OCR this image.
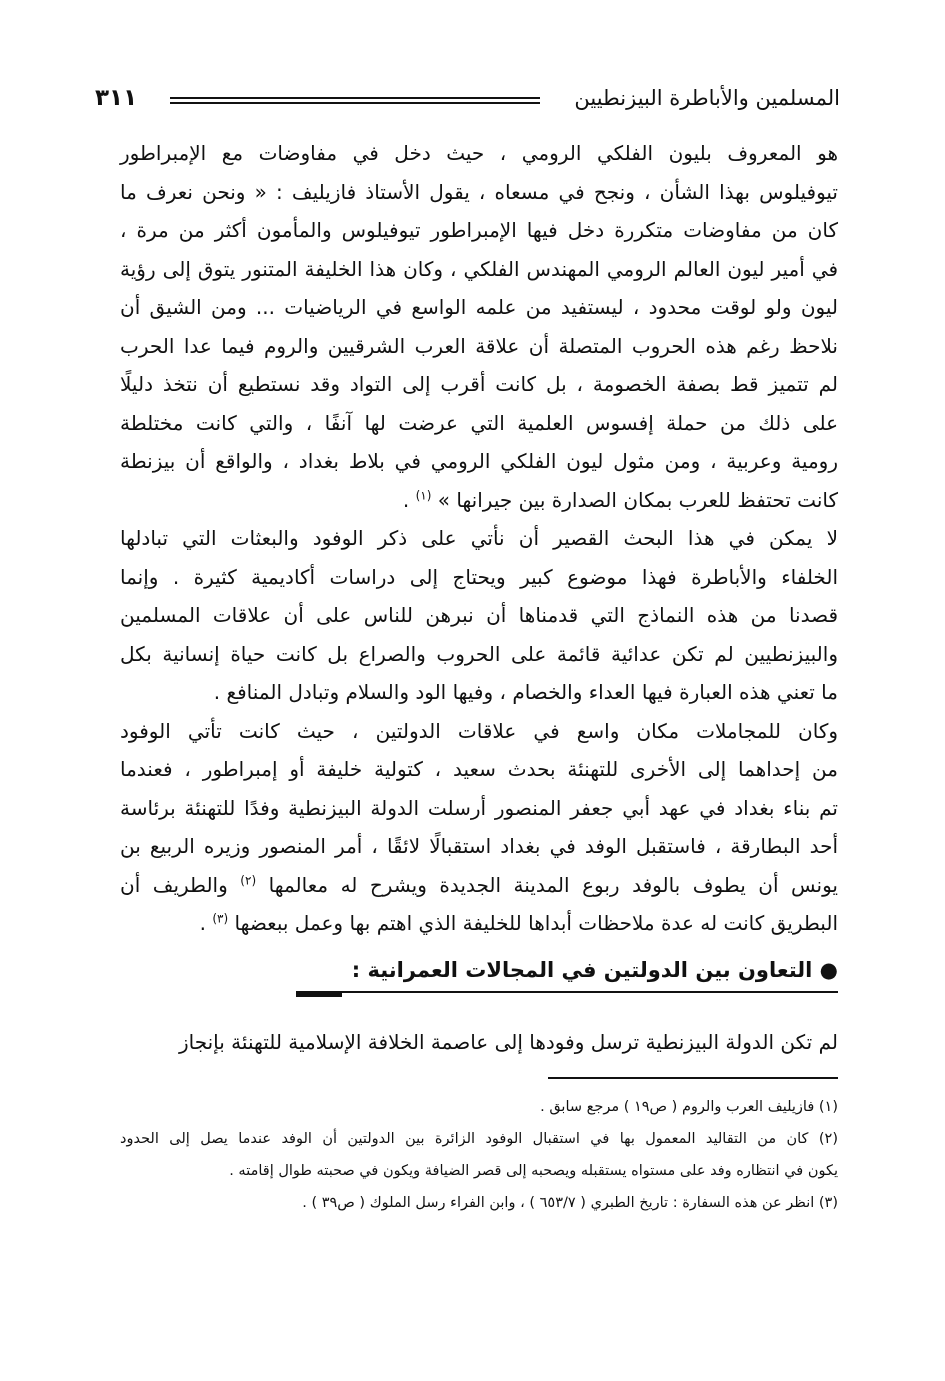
المسلمين والأباطرة البيزنطيين
٣١١
هو المعروف بليون الفلكي الرومي ، حيث دخل في مفاوضات مع الإمبراطور
تيوفيلوس بهذا الشأن ، ونجح في مسعاه ، يقول الأستاذ فازيليف : « ونحن نعرف ما
كان من مفاوضات متكررة دخل فيها الإمبراطور تيوفيلوس والمأمون أكثر من مرة ،
في أمير ليون العالم الرومي المهندس الفلكي ، وكان هذا الخليفة المتنور يتوق إلى رؤية
ليون ولو لوقت محدود ، ليستفيد من علمه الواسع في الرياضيات ... ومن الشيق أن
نلاحظ رغم هذه الحروب المتصلة أن علاقة العرب الشرقيين والروم فيما عدا الحرب
لم تتميز قط بصفة الخصومة ، بل كانت أقرب إلى التواد وقد نستطيع أن نتخذ دليلًا
على ذلك من حملة إفسوس العلمية التي عرضت لها آنفًا ، والتي كانت مختلطة
رومية وعربية ، ومن مثول ليون الفلكي الرومي في بلاط بغداد ، والواقع أن بيزنطة
كانت تحتفظ للعرب بمكان الصدارة بين جيرانها » $^{(١)}$ .
لا يمكن في هذا البحث القصير أن نأتي على ذكر الوفود والبعثات التي تبادلها
الخلفاء والأباطرة فهذا موضوع كبير ويحتاج إلى دراسات أكاديمية كثيرة . وإنما
قصدنا من هذه النماذج التي قدمناها أن نبرهن للناس على أن علاقات المسلمين
والبيزنطيين لم تكن عدائية قائمة على الحروب والصراع بل كانت حياة إنسانية بكل
ما تعني هذه العبارة فيها العداء والخصام ، وفيها الود والسلام وتبادل المنافع .
وكان للمجاملات مكان واسع في علاقات الدولتين ، حيث كانت تأتي الوفود
من إحداهما إلى الأخرى للتهنئة بحدث سعيد ، كتولية خليفة أو إمبراطور ، فعندما
تم بناء بغداد في عهد أبي جعفر المنصور أرسلت الدولة البيزنطية وفدًا للتهنئة برئاسة
أحد البطارقة ، فاستقبل الوفد في بغداد استقبالًا لائقًا ، أمر المنصور وزيره الربيع بن
يونس أن يطوف بالوفد ربوع المدينة الجديدة ويشرح له معالمها $^{(٢)}$ والطريف أن
البطريق كانت له عدة ملاحظات أبداها للخليفة الذي اهتم بها وعمل ببعضها $^{(٣)}$ .
● التعاون بين الدولتين في المجالات العمرانية :
لم تكن الدولة البيزنطية ترسل وفودها إلى عاصمة الخلافة الإسلامية للتهنئة بإنجاز
(١) فازيليف العرب والروم ( ص١٩ ) مرجع سابق .
(٢) كان من التقاليد المعمول بها في استقبال الوفود الزائرة بين الدولتين أن الوفد عندما يصل إلى الحدود
يكون في انتظاره وفد على مستواه يستقبله ويصحبه إلى قصر الضيافة ويكون في صحبته طوال إقامته .
(٣) انظر عن هذه السفارة : تاريخ الطبري ( ٦٥٣/٧ ) ، وابن الفراء رسل الملوك ( ص٣٩ ) .
